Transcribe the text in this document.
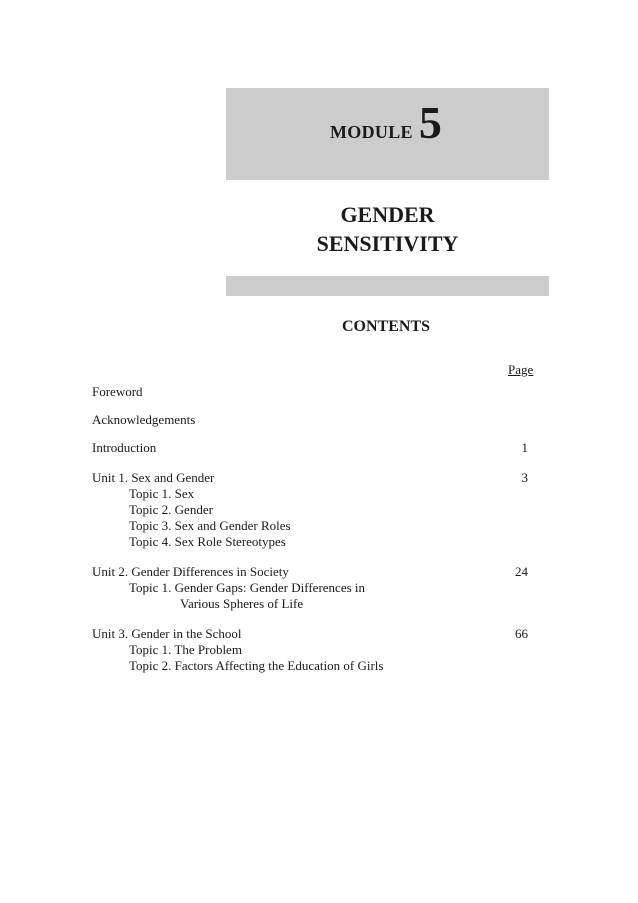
MODULE 5
GENDER
SENSITIVITY
CONTENTS
Page
Foreword
Acknowledgements
Introduction	1
Unit 1. Sex and Gender	3
Topic 1. Sex
Topic 2. Gender
Topic 3. Sex and Gender Roles
Topic 4. Sex Role Stereotypes
Unit 2. Gender Differences in Society	24
Topic 1. Gender Gaps: Gender Differences in
Various Spheres of Life
Unit 3. Gender in the School	66
Topic 1. The Problem
Topic 2. Factors Affecting the Education of Girls
